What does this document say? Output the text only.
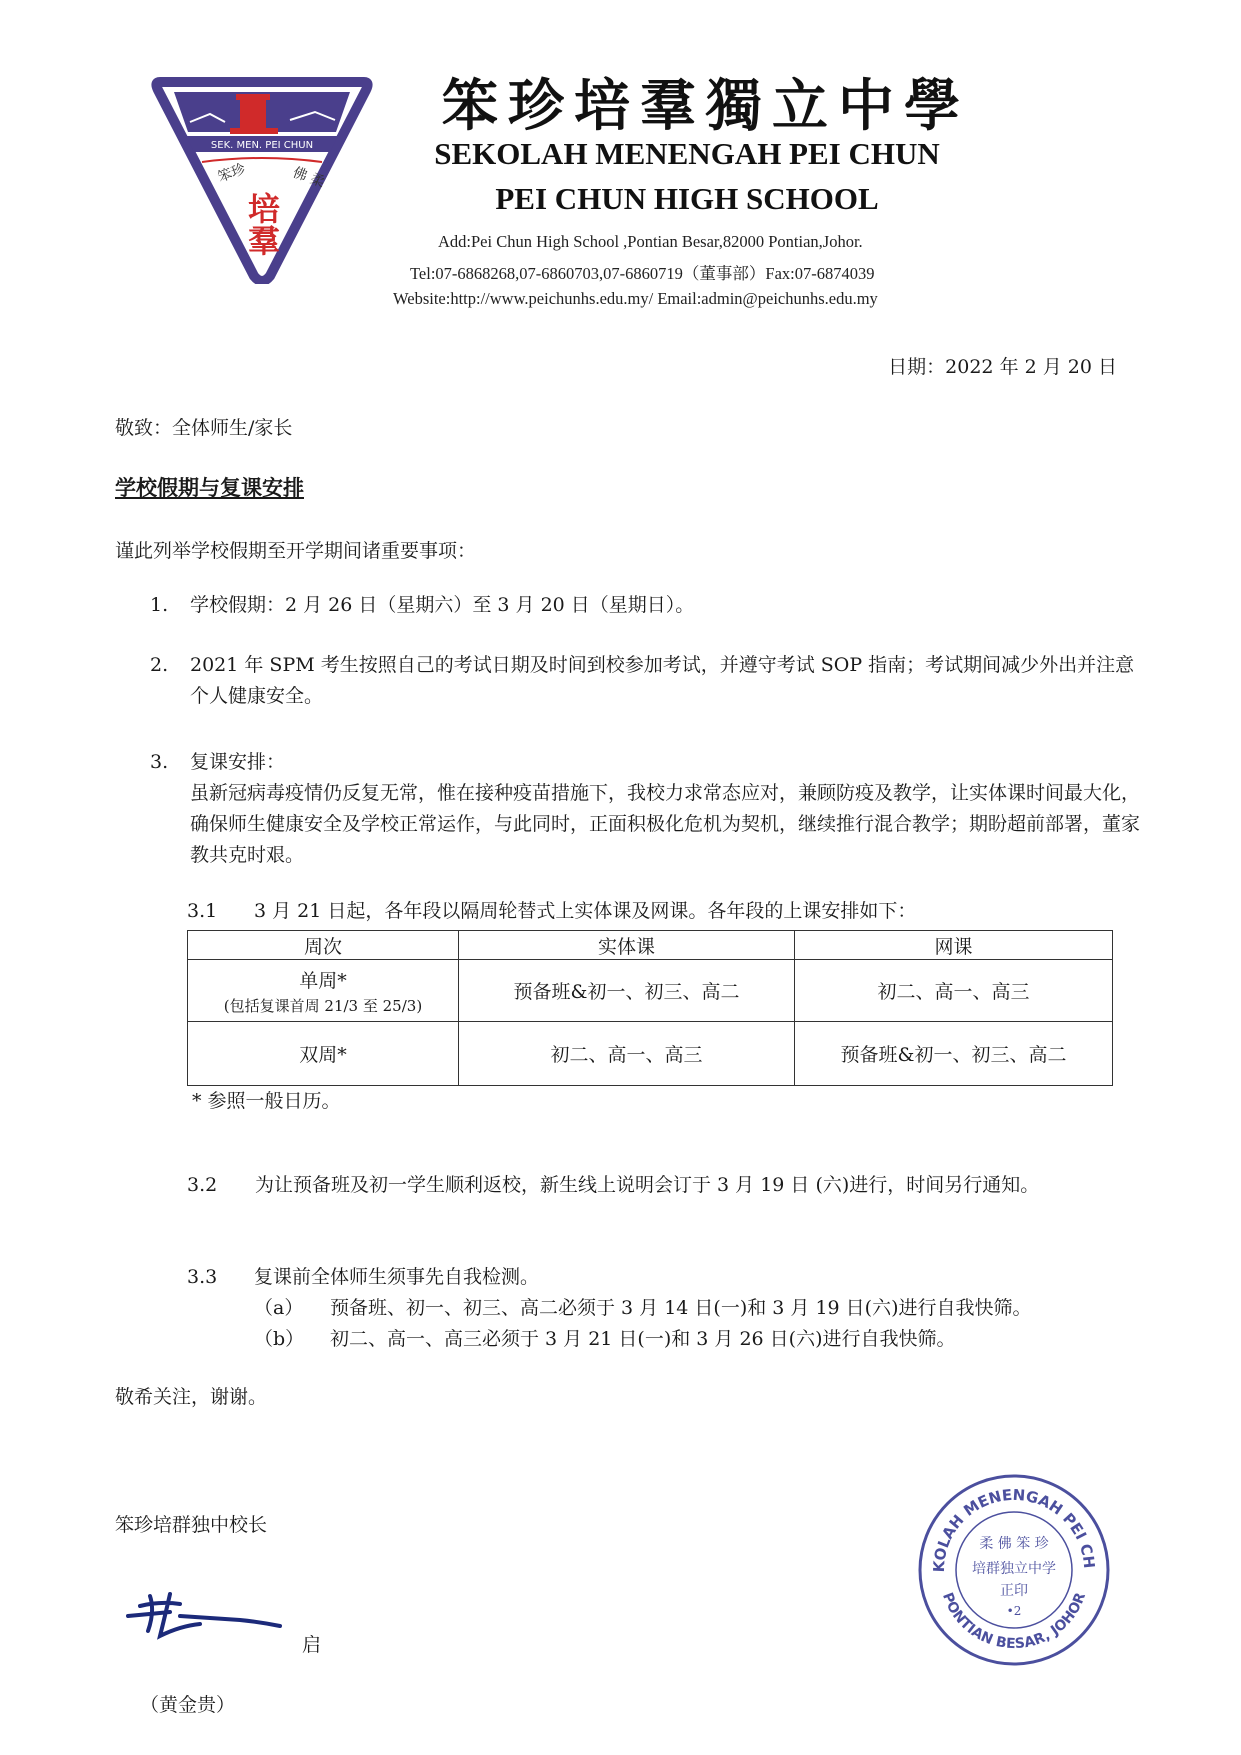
SEK. MEN. PEI CHUN
笨珍	佛 柔
培羣
笨珍培羣獨立中學
SEKOLAH MENENGAH PEI CHUN
PEI CHUN HIGH SCHOOL
Add:Pei Chun High School ,Pontian Besar,82000 Pontian,Johor.
Tel:07-6868268,07-6860703,07-6860719（董事部）Fax:07-6874039
Website:http://www.peichunhs.edu.my/ Email:admin@peichunhs.edu.my
日期：2022 年 2 月 20 日
敬致：全体师生/家长
学校假期与复课安排
谨此列举学校假期至开学期间诸重要事项：
1. 学校假期：2 月 26 日（星期六）至 3 月 20 日（星期日）。
2. 2021 年 SPM 考生按照自己的考试日期及时间到校参加考试，并遵守考试 SOP 指南；考试期间减少外出并注意个人健康安全。
3. 复课安排：
虽新冠病毒疫情仍反复无常，惟在接种疫苗措施下，我校力求常态应对，兼顾防疫及教学，让实体课时间最大化，确保师生健康安全及学校正常运作，与此同时，正面积极化危机为契机，继续推行混合教学；期盼超前部署，董家教共克时艰。
3.1 3 月 21 日起，各年段以隔周轮替式上实体课及网课。各年段的上课安排如下：
周次	实体课	网课
单周*
(包括复课首周 21/3 至 25/3)	预备班&初一、初三、高二	初二、高一、高三
双周*	初二、高一、高三	预备班&初一、初三、高二
* 参照一般日历。
3.2	为让预备班及初一学生顺利返校，新生线上说明会订于 3 月 19 日 (六)进行，时间另行通知。
3.3 复课前全体师生须事先自我检测。
（a） 预备班、初一、初三、高二必须于 3 月 14 日(一)和 3 月 19 日(六)进行自我快筛。
（b） 初二、高一、高三必须于 3 月 21 日(一)和 3 月 26 日(六)进行自我快筛。
敬希关注，谢谢。
笨珍培群独中校长
启
（黄金贵）
KOLAH MENENGAH PEI CH
PONTIAN BESAR, JOHOR
柔 佛 笨 珍
培群独立中学
正印
•2
